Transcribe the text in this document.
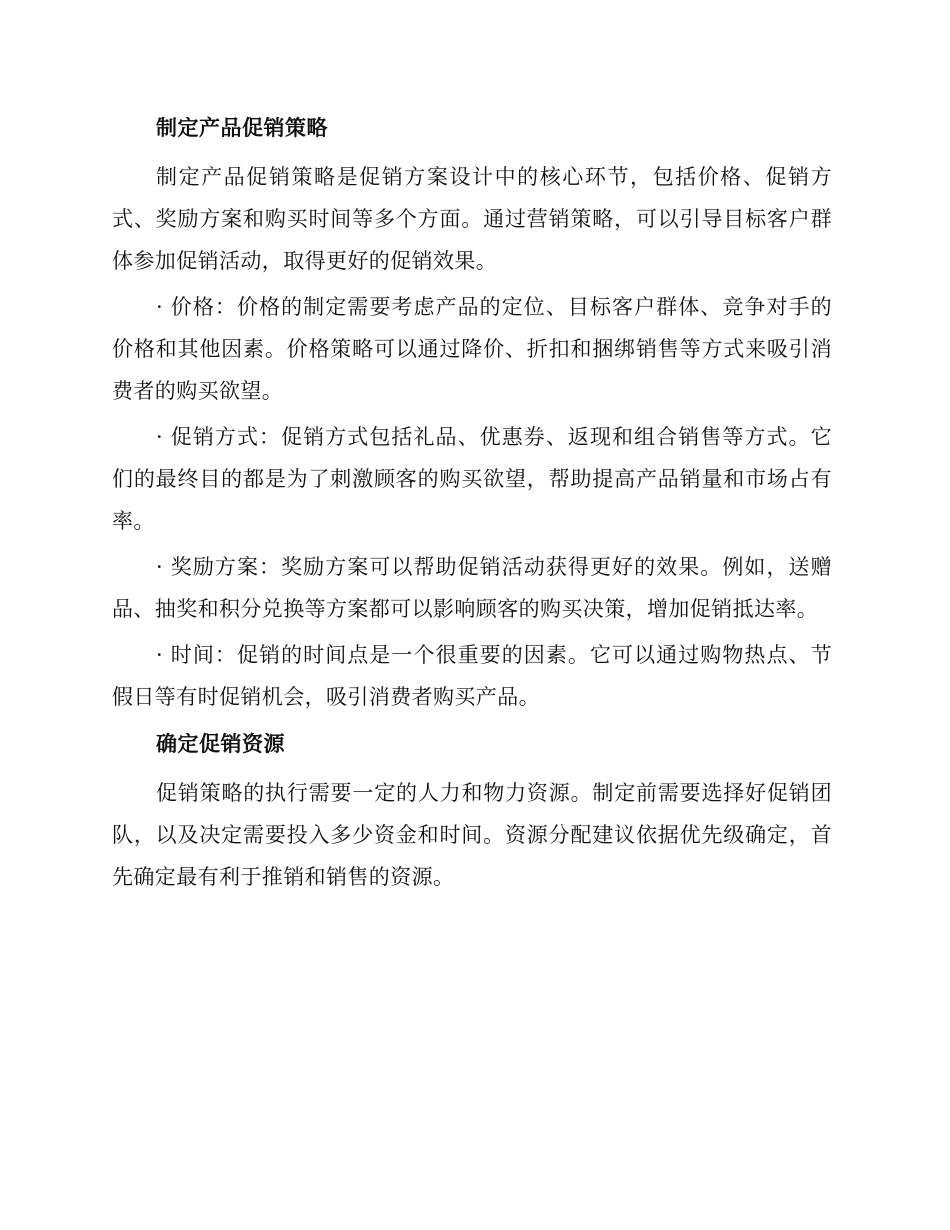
制定产品促销策略

制定产品促销策略是促销方案设计中的核心环节，包括价格、促销方式、奖励方案和购买时间等多个方面。通过营销策略，可以引导目标客户群体参加促销活动，取得更好的促销效果。

· 价格：价格的制定需要考虑产品的定位、目标客户群体、竞争对手的价格和其他因素。价格策略可以通过降价、折扣和捆绑销售等方式来吸引消费者的购买欲望。

· 促销方式：促销方式包括礼品、优惠券、返现和组合销售等方式。它们的最终目的都是为了刺激顾客的购买欲望，帮助提高产品销量和市场占有率。

· 奖励方案：奖励方案可以帮助促销活动获得更好的效果。例如，送赠品、抽奖和积分兑换等方案都可以影响顾客的购买决策，增加促销抵达率。

· 时间：促销的时间点是一个很重要的因素。它可以通过购物热点、节假日等有时促销机会，吸引消费者购买产品。

确定促销资源

促销策略的执行需要一定的人力和物力资源。制定前需要选择好促销团队，以及决定需要投入多少资金和时间。资源分配建议依据优先级确定，首先确定最有利于推销和销售的资源。
